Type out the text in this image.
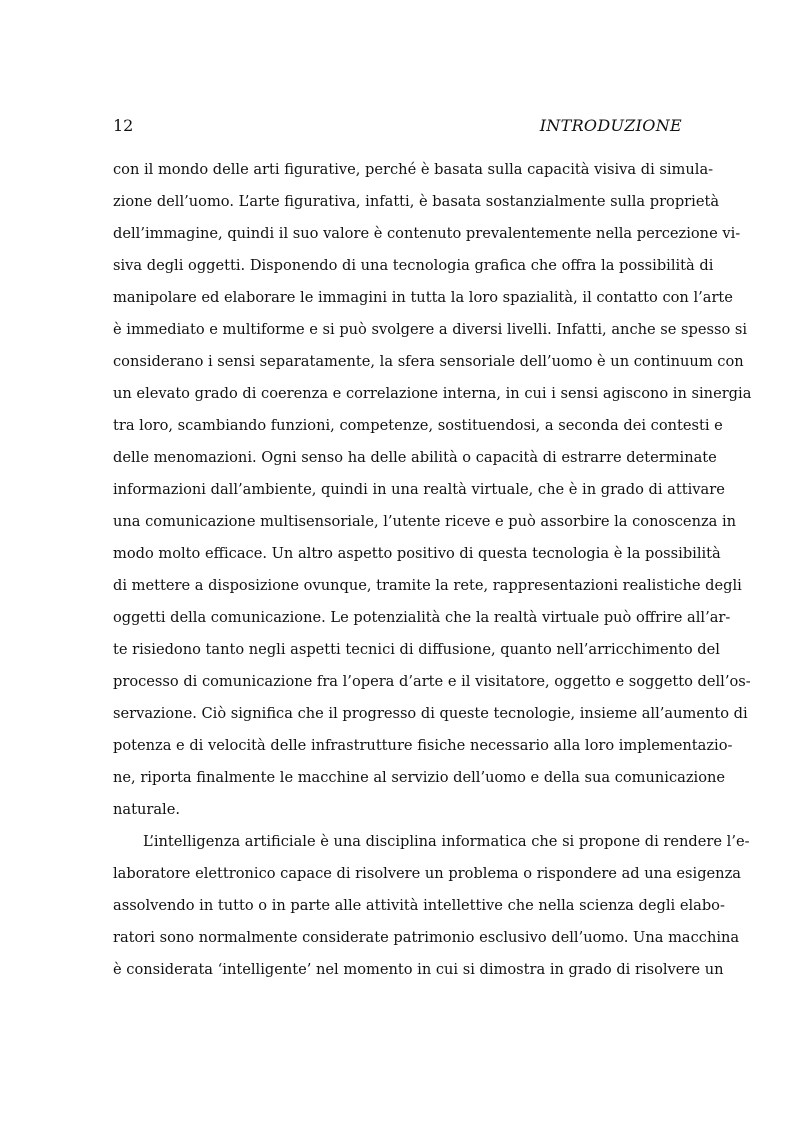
12	INTRODUZIONE
con il mondo delle arti figurative, perché è basata sulla capacità visiva di simula-
zione dell’uomo. L’arte figurativa, infatti, è basata sostanzialmente sulla proprietà
dell’immagine, quindi il suo valore è contenuto prevalentemente nella percezione vi-
siva degli oggetti. Disponendo di una tecnologia grafica che offra la possibilità di
manipolare ed elaborare le immagini in tutta la loro spazialità, il contatto con l’arte
è immediato e multiforme e si può svolgere a diversi livelli. Infatti, anche se spesso si
considerano i sensi separatamente, la sfera sensoriale dell’uomo è un continuum con
un elevato grado di coerenza e correlazione interna, in cui i sensi agiscono in sinergia
tra loro, scambiando funzioni, competenze, sostituendosi, a seconda dei contesti e
delle menomazioni. Ogni senso ha delle abilità o capacità di estrarre determinate
informazioni dall’ambiente, quindi in una realtà virtuale, che è in grado di attivare
una comunicazione multisensoriale, l’utente riceve e può assorbire la conoscenza in
modo molto efficace. Un altro aspetto positivo di questa tecnologia è la possibilità
di mettere a disposizione ovunque, tramite la rete, rappresentazioni realistiche degli
oggetti della comunicazione. Le potenzialità che la realtà virtuale può offrire all’ar-
te risiedono tanto negli aspetti tecnici di diffusione, quanto nell’arricchimento del
processo di comunicazione fra l’opera d’arte e il visitatore, oggetto e soggetto dell’os-
servazione. Ciò significa che il progresso di queste tecnologie, insieme all’aumento di
potenza e di velocità delle infrastrutture fisiche necessario alla loro implementazio-
ne, riporta finalmente le macchine al servizio dell’uomo e della sua comunicazione
naturale.
L’intelligenza artificiale è una disciplina informatica che si propone di rendere l’e-
laboratore elettronico capace di risolvere un problema o rispondere ad una esigenza
assolvendo in tutto o in parte alle attività intellettive che nella scienza degli elabo-
ratori sono normalmente considerate patrimonio esclusivo dell’uomo. Una macchina
è considerata ‘intelligente’ nel momento in cui si dimostra in grado di risolvere un
